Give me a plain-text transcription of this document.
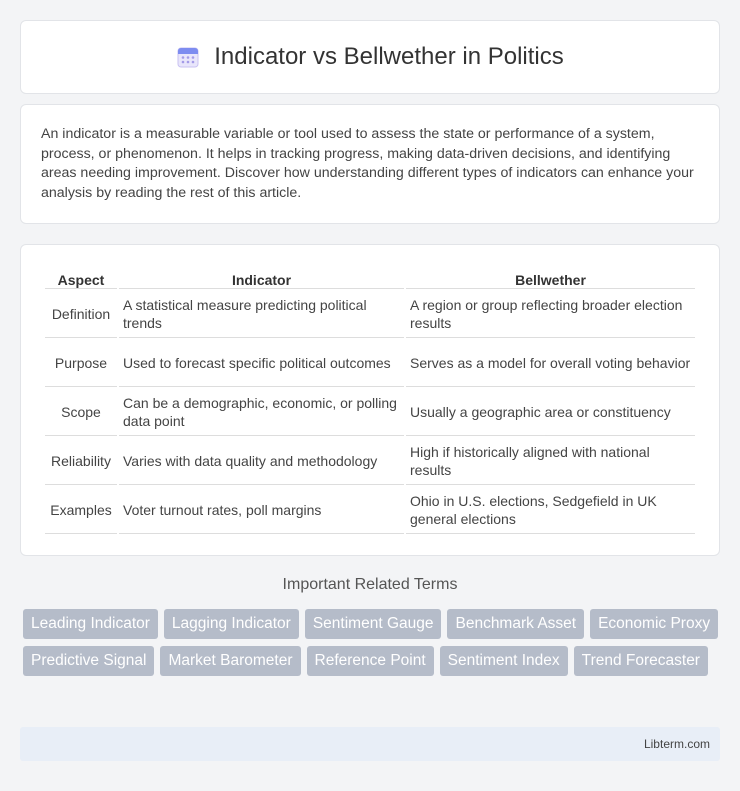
Indicator vs Bellwether in Politics

An indicator is a measurable variable or tool used to assess the state or performance of a system, process, or phenomenon. It helps in tracking progress, making data-driven decisions, and identifying areas needing improvement. Discover how understanding different types of indicators can enhance your analysis by reading the rest of this article.

Aspect	Indicator	Bellwether
Definition	A statistical measure predicting political trends	A region or group reflecting broader election results
Purpose	Used to forecast specific political outcomes	Serves as a model for overall voting behavior
Scope	Can be a demographic, economic, or polling data point	Usually a geographic area or constituency
Reliability	Varies with data quality and methodology	High if historically aligned with national results
Examples	Voter turnout rates, poll margins	Ohio in U.S. elections, Sedgefield in UK general elections
Important Related Terms
Leading Indicator	Lagging Indicator	Sentiment Gauge	Benchmark Asset	Economic Proxy
Predictive Signal	Market Barometer	Reference Point	Sentiment Index	Trend Forecaster
Libterm.com
